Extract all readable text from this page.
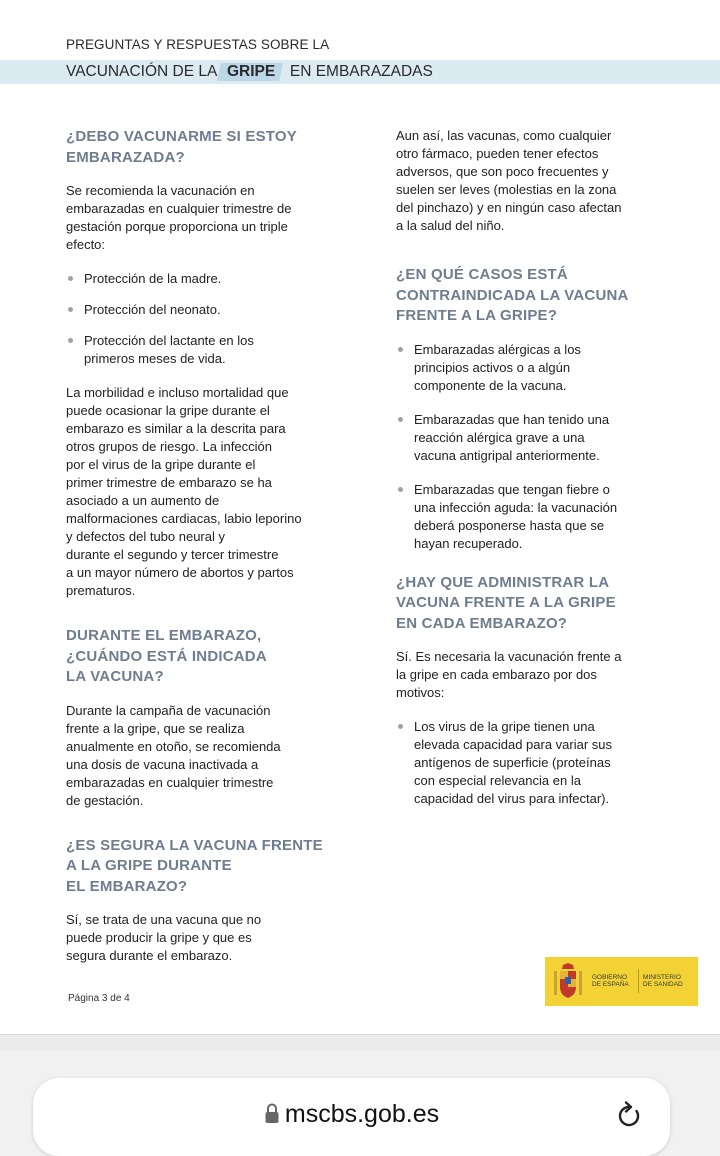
PREGUNTAS Y RESPUESTAS SOBRE LA
VACUNACIÓN DE LA GRIPE EN EMBARAZADAS
¿DEBO VACUNARME SI ESTOY
EMBARAZADA?
Se recomienda la vacunación en
embarazadas en cualquier trimestre de
gestación porque proporciona un triple
efecto:
Protección de la madre.
Protección del neonato.
Protección del lactante en los
primeros meses de vida.
La morbilidad e incluso mortalidad que
puede ocasionar la gripe durante el
embarazo es similar a la descrita para
otros grupos de riesgo. La infección
por el virus de la gripe durante el
primer trimestre de embarazo se ha
asociado a un aumento de
malformaciones cardiacas, labio leporino
y defectos del tubo neural y
durante el segundo y tercer trimestre
a un mayor número de abortos y partos
prematuros.
DURANTE EL EMBARAZO,
¿CUÁNDO ESTÁ INDICADA
LA VACUNA?
Durante la campaña de vacunación
frente a la gripe, que se realiza
anualmente en otoño, se recomienda
una dosis de vacuna inactivada a
embarazadas en cualquier trimestre
de gestación.
¿ES SEGURA LA VACUNA FRENTE
A LA GRIPE DURANTE
EL EMBARAZO?
Sí, se trata de una vacuna que no
puede producir la gripe y que es
segura durante el embarazo.
Aun así, las vacunas, como cualquier
otro fármaco, pueden tener efectos
adversos, que son poco frecuentes y
suelen ser leves (molestias en la zona
del pinchazo) y en ningún caso afectan
a la salud del niño.
¿EN QUÉ CASOS ESTÁ
CONTRAINDICADA LA VACUNA
FRENTE A LA GRIPE?
Embarazadas alérgicas a los
principios activos o a algún
componente de la vacuna.
Embarazadas que han tenido una
reacción alérgica grave a una
vacuna antigripal anteriormente.
Embarazadas que tengan fiebre o
una infección aguda: la vacunación
deberá posponerse hasta que se
hayan recuperado.
¿HAY QUE ADMINISTRAR LA
VACUNA FRENTE A LA GRIPE
EN CADA EMBARAZO?
Sí. Es necesaria la vacunación frente a
la gripe en cada embarazo por dos
motivos:
Los virus de la gripe tienen una
elevada capacidad para variar sus
antígenos de superficie (proteínas
con especial relevancia en la
capacidad del virus para infectar).
Página 3 de 4
GOBIERNO
DE ESPAÑA
MINISTERIO
DE SANIDAD
mscbs.gob.es
